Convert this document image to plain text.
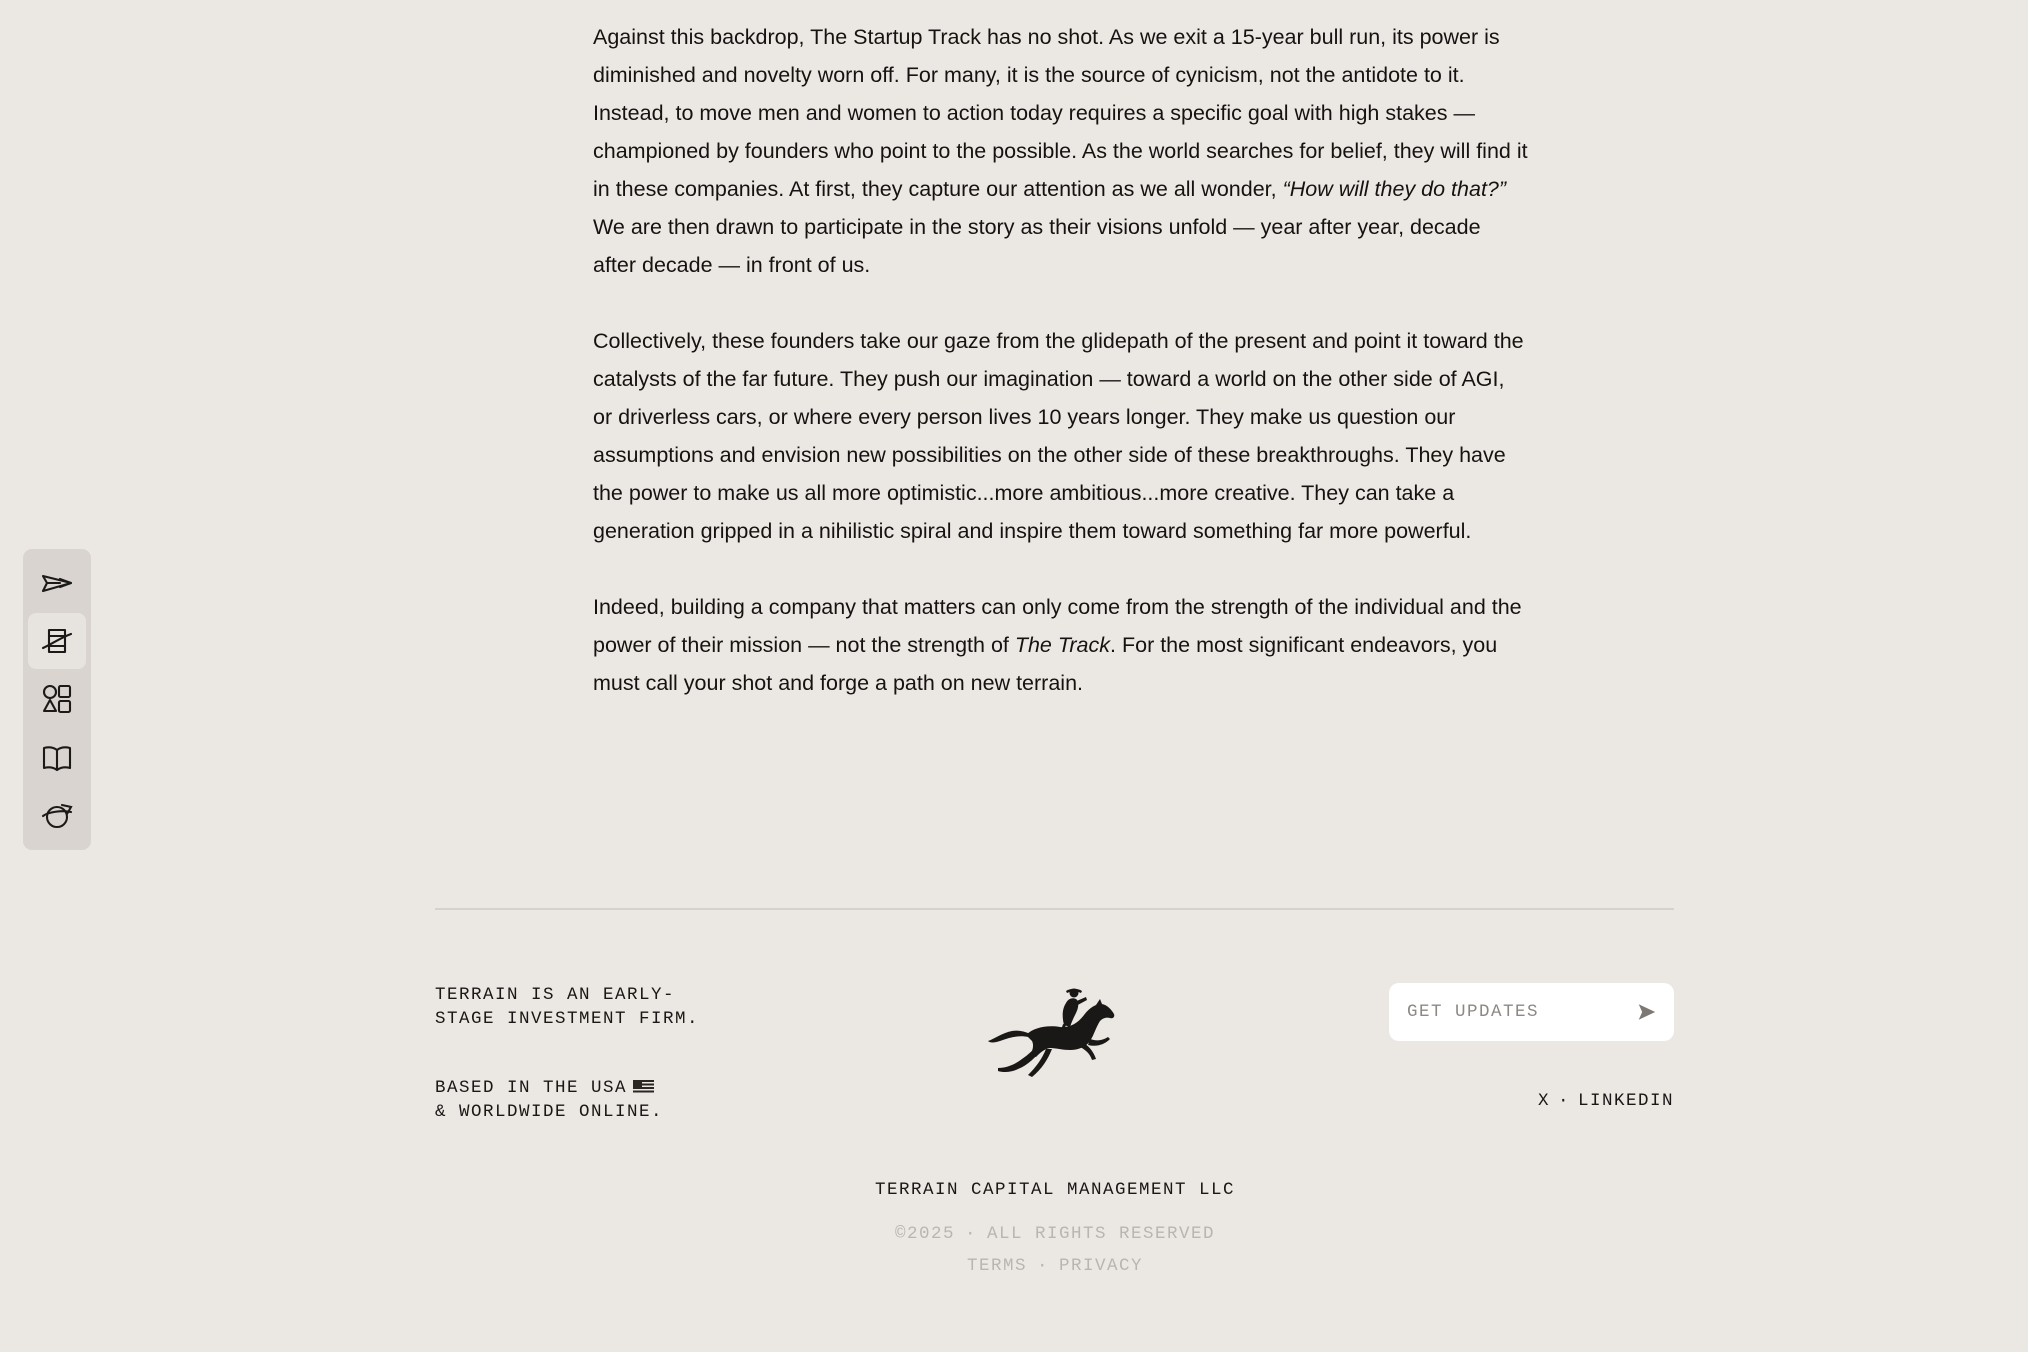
Against this backdrop, The Startup Track has no shot. As we exit a 15-year bull run, its power is diminished and novelty worn off. For many, it is the source of cynicism, not the antidote to it. Instead, to move men and women to action today requires a specific goal with high stakes — championed by founders who point to the possible. As the world searches for belief, they will find it in these companies. At first, they capture our attention as we all wonder, “How will they do that?” We are then drawn to participate in the story as their visions unfold — year after year, decade after decade — in front of us.

Collectively, these founders take our gaze from the glidepath of the present and point it toward the catalysts of the far future. They push our imagination — toward a world on the other side of AGI, or driverless cars, or where every person lives 10 years longer. They make us question our assumptions and envision new possibilities on the other side of these breakthroughs. They have the power to make us all more optimistic...more ambitious...more creative. They can take a generation gripped in a nihilistic spiral and inspire them toward something far more powerful.

Indeed, building a company that matters can only come from the strength of the individual and the power of their mission — not the strength of The Track. For the most significant endeavors, you must call your shot and forge a path on new terrain.

TERRAIN IS AN EARLY-
STAGE INVESTMENT FIRM.
BASED IN THE USA
& WORLDWIDE ONLINE.
GET UPDATES
X · LINKEDIN
TERRAIN CAPITAL MANAGEMENT LLC
©2025 · ALL RIGHTS RESERVED
TERMS · PRIVACY
